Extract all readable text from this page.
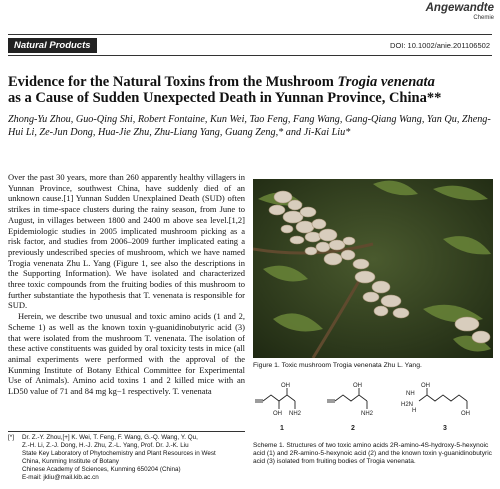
Angewandte
Chemie
Natural Products	DOI: 10.1002/anie.201106502
Evidence for the Natural Toxins from the Mushroom Trogia venenata
as a Cause of Sudden Unexpected Death in Yunnan Province, China**
Zhong-Yu Zhou, Guo-Qing Shi, Robert Fontaine, Kun Wei, Tao Feng, Fang Wang, Gang-Qiang Wang, Yan Qu, Zheng-Hui Li, Ze-Jun Dong, Hua-Jie Zhu, Zhu-Liang Yang, Guang Zeng,* and Ji-Kai Liu*

Over the past 30 years, more than 260 apparently healthy villagers in Yunnan Province, southwest China, have suddenly died of an unknown cause.[1] Yunnan Sudden Unexplained Death (SUD) often strikes in time-space clusters during the rainy season, from June to August, in villages between 1800 and 2400 m above sea level.[1,2] Epidemiologic studies in 2005 implicated mushroom picking as a risk factor, and studies from 2006–2009 further implicated eating a previously undescribed species of mushroom, which we have named Trogia venenata Zhu L. Yang (Figure 1, see also the descriptions in the Supporting Information). We have isolated and characterized three toxic compounds from the fruiting bodies of this mushroom to further substantiate the hypothesis that T. venenata is responsible for SUD.

Herein, we describe two unusual and toxic amino acids (1 and 2, Scheme 1) as well as the known toxin γ-guanidinobutyric acid (3) that were isolated from the mushroom T. venenata. The isolation of these active constituents was guided by oral toxicity tests in mice (all animal experiments were performed with the approval of the Kunming Institute of Botany Ethical Committee for Experimental Use of Animals). Amino acid toxins 1 and 2 killed mice with an LD50 value of 71 and 84 mg kg−1 respectively. T. venenata

Figure 1. Toxic mushroom Trogia venenata Zhu L. Yang.
OH
OH NH2
OH
NH2
NH
H2N
H
OH
OH
1	2	3
Scheme 1. Structures of two toxic amino acids 2R-amino-4S-hydroxy-5-hexynoic acid (1) and 2R-amino-5-hexynoic acid (2) and the known toxin γ-guanidinobutyric acid (3) isolated from fruiting bodies of Trogia venenata.
[*]	Dr. Z.-Y. Zhou,[+] K. Wei, T. Feng, F. Wang, G.-Q. Wang, Y. Qu,
Z.-H. Li, Z.-J. Dong, H.-J. Zhu, Z.-L. Yang, Prof. Dr. J.-K. Liu
State Key Laboratory of Phytochemistry and Plant Resources in West
China, Kunming Institute of Botany
Chinese Academy of Sciences, Kunming 650204 (China)
E-mail: jkliu@mail.kib.ac.cn
